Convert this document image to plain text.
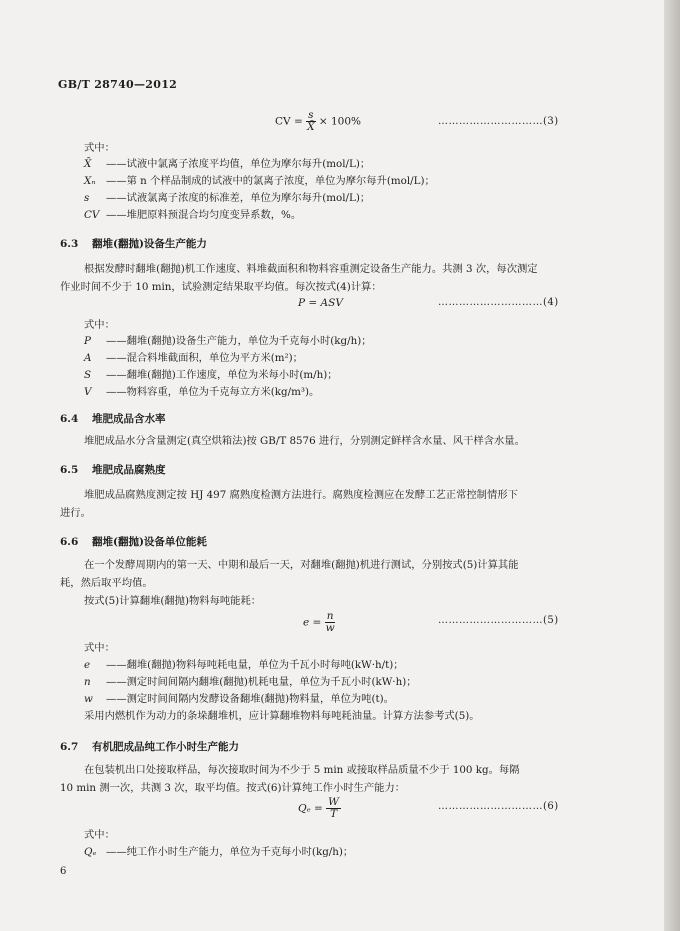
GB/T 28740—2012
CV = $\frac{s}{X̄} \times 100\%$	…………………………(3)
式中：
X̄ ——试液中氯离子浓度平均值，单位为摩尔每升(mol/L)；
Xₙ ——第 n 个样品制成的试液中的氯离子浓度，单位为摩尔每升(mol/L)；
s ——试液氯离子浓度的标准差，单位为摩尔每升(mol/L)；
CV ——堆肥原料预混合均匀度变异系数，%。
6.3 翻堆(翻抛)设备生产能力
根据发酵时翻堆(翻抛)机工作速度、料堆截面积和物料容重测定设备生产能力。共测 3 次，每次测定
作业时间不少于 10 min，试验测定结果取平均值。每次按式(4)计算：
P = ASV	…………………………(4)
式中：
P ——翻堆(翻抛)设备生产能力，单位为千克每小时(kg/h)；
A ——混合料堆截面积，单位为平方米(m²)；
S ——翻堆(翻抛)工作速度，单位为米每小时(m/h)；
V ——物料容重，单位为千克每立方米(kg/m³)。
6.4 堆肥成品含水率
堆肥成品水分含量测定(真空烘箱法)按 GB/T 8576 进行，分别测定鲜样含水量、风干样含水量。
6.5 堆肥成品腐熟度
堆肥成品腐熟度测定按 HJ 497 腐熟度检测方法进行。腐熟度检测应在发酵工艺正常控制情形下
进行。
6.6 翻堆(翻抛)设备单位能耗
在一个发酵周期内的第一天、中期和最后一天，对翻堆(翻抛)机进行测试，分别按式(5)计算其能
耗，然后取平均值。
按式(5)计算翻堆(翻抛)物料每吨能耗：
$e = \frac{n}{w}$	…………………………(5)
式中：
e ——翻堆(翻抛)物料每吨耗电量，单位为千瓦小时每吨(kW·h/t)；
n ——测定时间间隔内翻堆(翻抛)机耗电量，单位为千瓦小时(kW·h)；
w ——测定时间间隔内发酵设备翻堆(翻抛)物料量，单位为吨(t)。
采用内燃机作为动力的条垛翻堆机，应计算翻堆物料每吨耗油量。计算方法参考式(5)。
6.7 有机肥成品纯工作小时生产能力
在包装机出口处接取样品，每次接取时间为不少于 5 min 或接取样品质量不少于 100 kg。每隔
10 min 测一次，共测 3 次，取平均值。按式(6)计算纯工作小时生产能力：
$Q_e = \frac{W}{T}$	…………………………(6)
式中：
Qₑ ——纯工作小时生产能力，单位为千克每小时(kg/h)；
6
